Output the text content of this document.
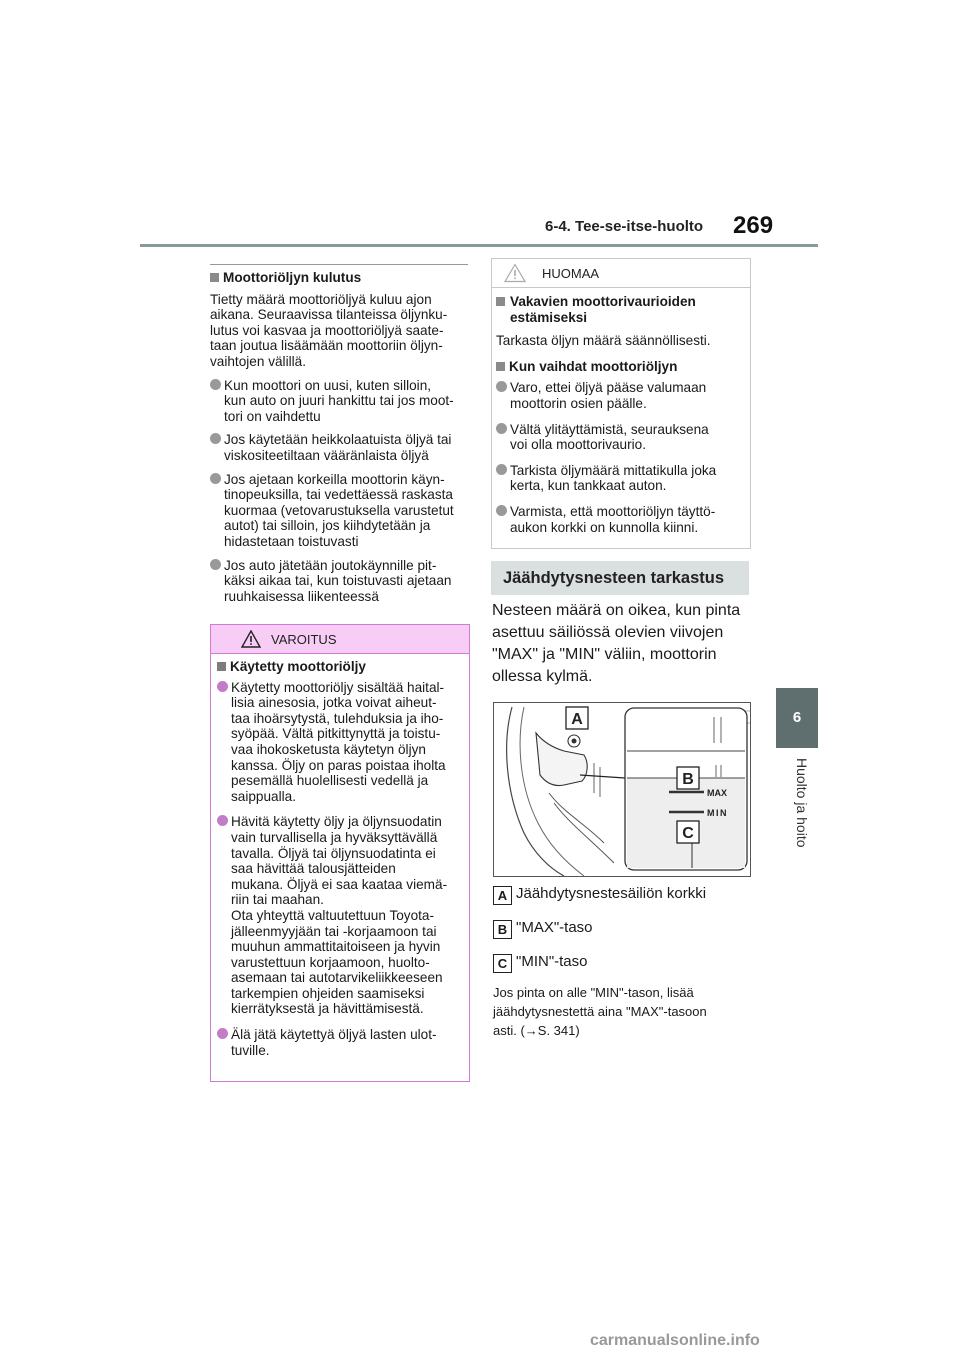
6-4. Tee-se-itse-huolto 269
6
Huolto ja hoito
Moottoriöljyn kulutus
Tietty määrä moottoriöljyä kuluu ajon
aikana. Seuraavissa tilanteissa öljynku-
lutus voi kasvaa ja moottoriöljyä saate-
taan joutua lisäämään moottoriin öljyn-
vaihtojen välillä.
Kun moottori on uusi, kuten silloin,
kun auto on juuri hankittu tai jos moot-
tori on vaihdettu
Jos käytetään heikkolaatuista öljyä tai
viskositeetiltaan vääränlaista öljyä
Jos ajetaan korkeilla moottorin käyn-
tinopeuksilla, tai vedettäessä raskasta
kuormaa (vetovarustuksella varustetut
autot) tai silloin, jos kiihdytetään ja
hidastetaan toistuvasti
Jos auto jätetään joutokäynnille pit-
käksi aikaa tai, kun toistuvasti ajetaan
ruuhkaisessa liikenteessä
VAROITUS
Käytetty moottoriöljy
Käytetty moottoriöljy sisältää haital-
lisia ainesosia, jotka voivat aiheut-
taa ihoärsytystä, tulehduksia ja iho-
syöpää. Vältä pitkittynyttä ja toistu-
vaa ihokosketusta käytetyn öljyn
kanssa. Öljy on paras poistaa iholta
pesemällä huolellisesti vedellä ja
saippualla.
Hävitä käytetty öljy ja öljynsuodatin
vain turvallisella ja hyväksyttävällä
tavalla. Öljyä tai öljynsuodatinta ei
saa hävittää talousjätteiden
mukana. Öljyä ei saa kaataa viemä-
riin tai maahan.
Ota yhteyttä valtuutettuun Toyota-
jälleenmyyjään tai -korjaamoon tai
muuhun ammattitaitoiseen ja hyvin
varustettuun korjaamoon, huolto-
asemaan tai autotarvikeliikkeeseen
tarkempien ohjeiden saamiseksi
kierrätyksestä ja hävittämisestä.
Älä jätä käytettyä öljyä lasten ulot-
tuville.
HUOMAA
Vakavien moottorivaurioiden
estämiseksi
Tarkasta öljyn määrä säännöllisesti.
Kun vaihdat moottoriöljyn
Varo, ettei öljyä pääse valumaan
moottorin osien päälle.
Vältä ylitäyttämistä, seurauksena
voi olla moottorivaurio.
Tarkista öljymäärä mittatikulla joka
kerta, kun tankkaat auton.
Varmista, että moottoriöljyn täyttö-
aukon korkki on kunnolla kiinni.
Jäähdytysnesteen tarkastus
Nesteen määrä on oikea, kun pinta
asettuu säiliössä olevien viivojen
"MAX" ja "MIN" väliin, moottorin
ollessa kylmä.
MAX
MIN
A
B
C
A Jäähdytysnestesäiliön korkki
B "MAX"-taso
C "MIN"-taso
Jos pinta on alle "MIN"-tason, lisää
jäähdytysnestettä aina "MAX"-tasoon
asti. (→S. 341)
carmanualsonline.info
